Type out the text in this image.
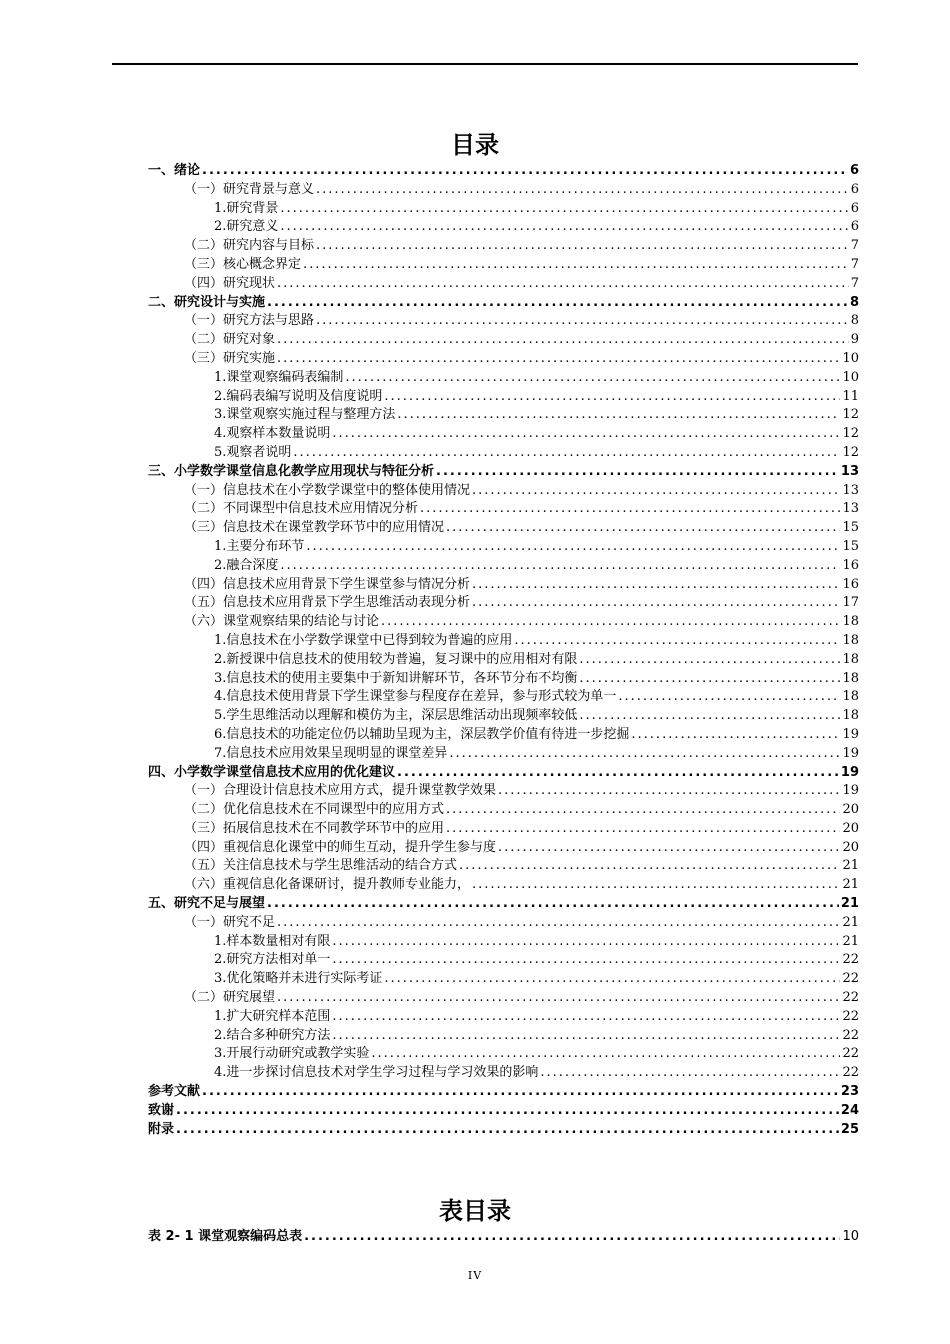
目录
一、绪论 .....	6
（一）研究背景与意义 .....	6
1.研究背景 .....	6
2.研究意义 .....	6
（二）研究内容与目标 .....	7
（三）核心概念界定 .....	7
（四）研究现状 .....	7
二、研究设计与实施 .....	8
（一）研究方法与思路 .....	8
（二）研究对象 .....	9
（三）研究实施 .....	10
1.课堂观察编码表编制 .....	10
2.编码表编写说明及信度说明 .....	11
3.课堂观察实施过程与整理方法 .....	12
4.观察样本数量说明 .....	12
5.观察者说明 .....	12
三、小学数学课堂信息化教学应用现状与特征分析 .....	13
（一）信息技术在小学数学课堂中的整体使用情况 .....	13
（二）不同课型中信息技术应用情况分析 .....	13
（三）信息技术在课堂教学环节中的应用情况 .....	15
1.主要分布环节 .....	15
2.融合深度 .....	16
（四）信息技术应用背景下学生课堂参与情况分析 .....	16
（五）信息技术应用背景下学生思维活动表现分析 .....	17
（六）课堂观察结果的结论与讨论 .....	18
1.信息技术在小学数学课堂中已得到较为普遍的应用 .....	18
2.新授课中信息技术的使用较为普遍，复习课中的应用相对有限 .....	18
3.信息技术的使用主要集中于新知讲解环节，各环节分布不均衡 .....	18
4.信息技术使用背景下学生课堂参与程度存在差异，参与形式较为单一 .....	18
5.学生思维活动以理解和模仿为主，深层思维活动出现频率较低 .....	18
6.信息技术的功能定位仍以辅助呈现为主，深层教学价值有待进一步挖掘 .....	19
7.信息技术应用效果呈现明显的课堂差异 .....	19
四、小学数学课堂信息技术应用的优化建议 .....	19
（一）合理设计信息技术应用方式，提升课堂教学效果 .....	19
（二）优化信息技术在不同课型中的应用方式 .....	20
（三）拓展信息技术在不同教学环节中的应用 .....	20
（四）重视信息化课堂中的师生互动，提升学生参与度 .....	20
（五）关注信息技术与学生思维活动的结合方式 .....	21
（六）重视信息化备课研讨，提升教师专业能力， .....	21
五、研究不足与展望 .....	21
（一）研究不足 .....	21
1.样本数量相对有限 .....	21
2.研究方法相对单一 .....	22
3.优化策略并未进行实际考证 .....	22
（二）研究展望 .....	22
1.扩大研究样本范围 .....	22
2.结合多种研究方法 .....	22
3.开展行动研究或教学实验 .....	22
4.进一步探讨信息技术对学生学习过程与学习效果的影响 .....	22
参考文献 .....	23
致谢 .....	24
附录 .....	25
表目录
表 2- 1 课堂观察编码总表 .....	10
IV
